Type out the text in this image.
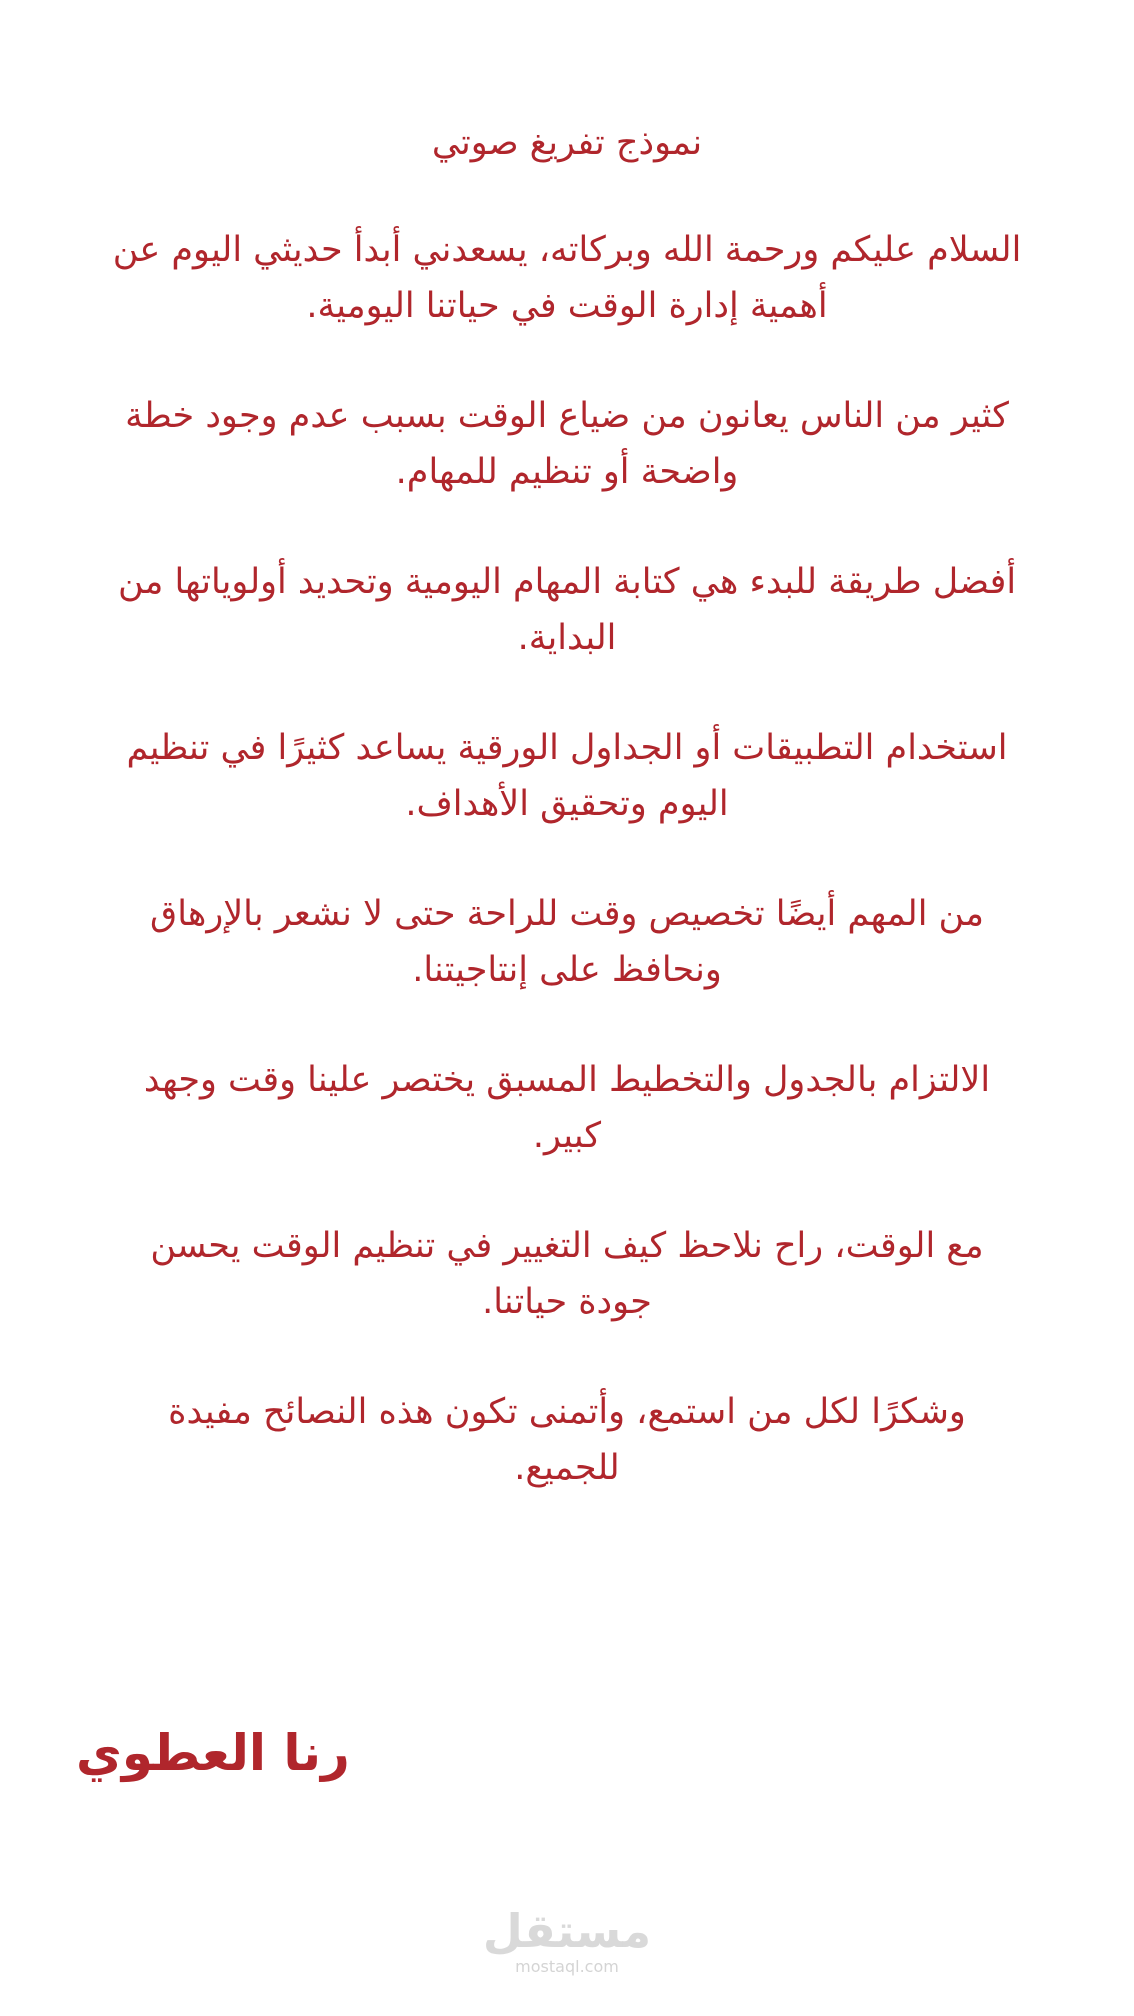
نموذج تفريغ صوتي

السلام عليكم ورحمة الله وبركاته، يسعدني أبدأ حديثي اليوم عن أهمية إدارة الوقت في حياتنا اليومية.

كثير من الناس يعانون من ضياع الوقت بسبب عدم وجود خطة واضحة أو تنظيم للمهام.

أفضل طريقة للبدء هي كتابة المهام اليومية وتحديد أولوياتها من البداية.

استخدام التطبيقات أو الجداول الورقية يساعد كثيرًا في تنظيم اليوم وتحقيق الأهداف.

من المهم أيضًا تخصيص وقت للراحة حتى لا نشعر بالإرهاق ونحافظ على إنتاجيتنا.

الالتزام بالجدول والتخطيط المسبق يختصر علينا وقت وجهد كبير.

مع الوقت، راح نلاحظ كيف التغيير في تنظيم الوقت يحسن جودة حياتنا.

وشكرًا لكل من استمع، وأتمنى تكون هذه النصائح مفيدة للجميع.

رنا العطوي
مستقل
mostaql.com
